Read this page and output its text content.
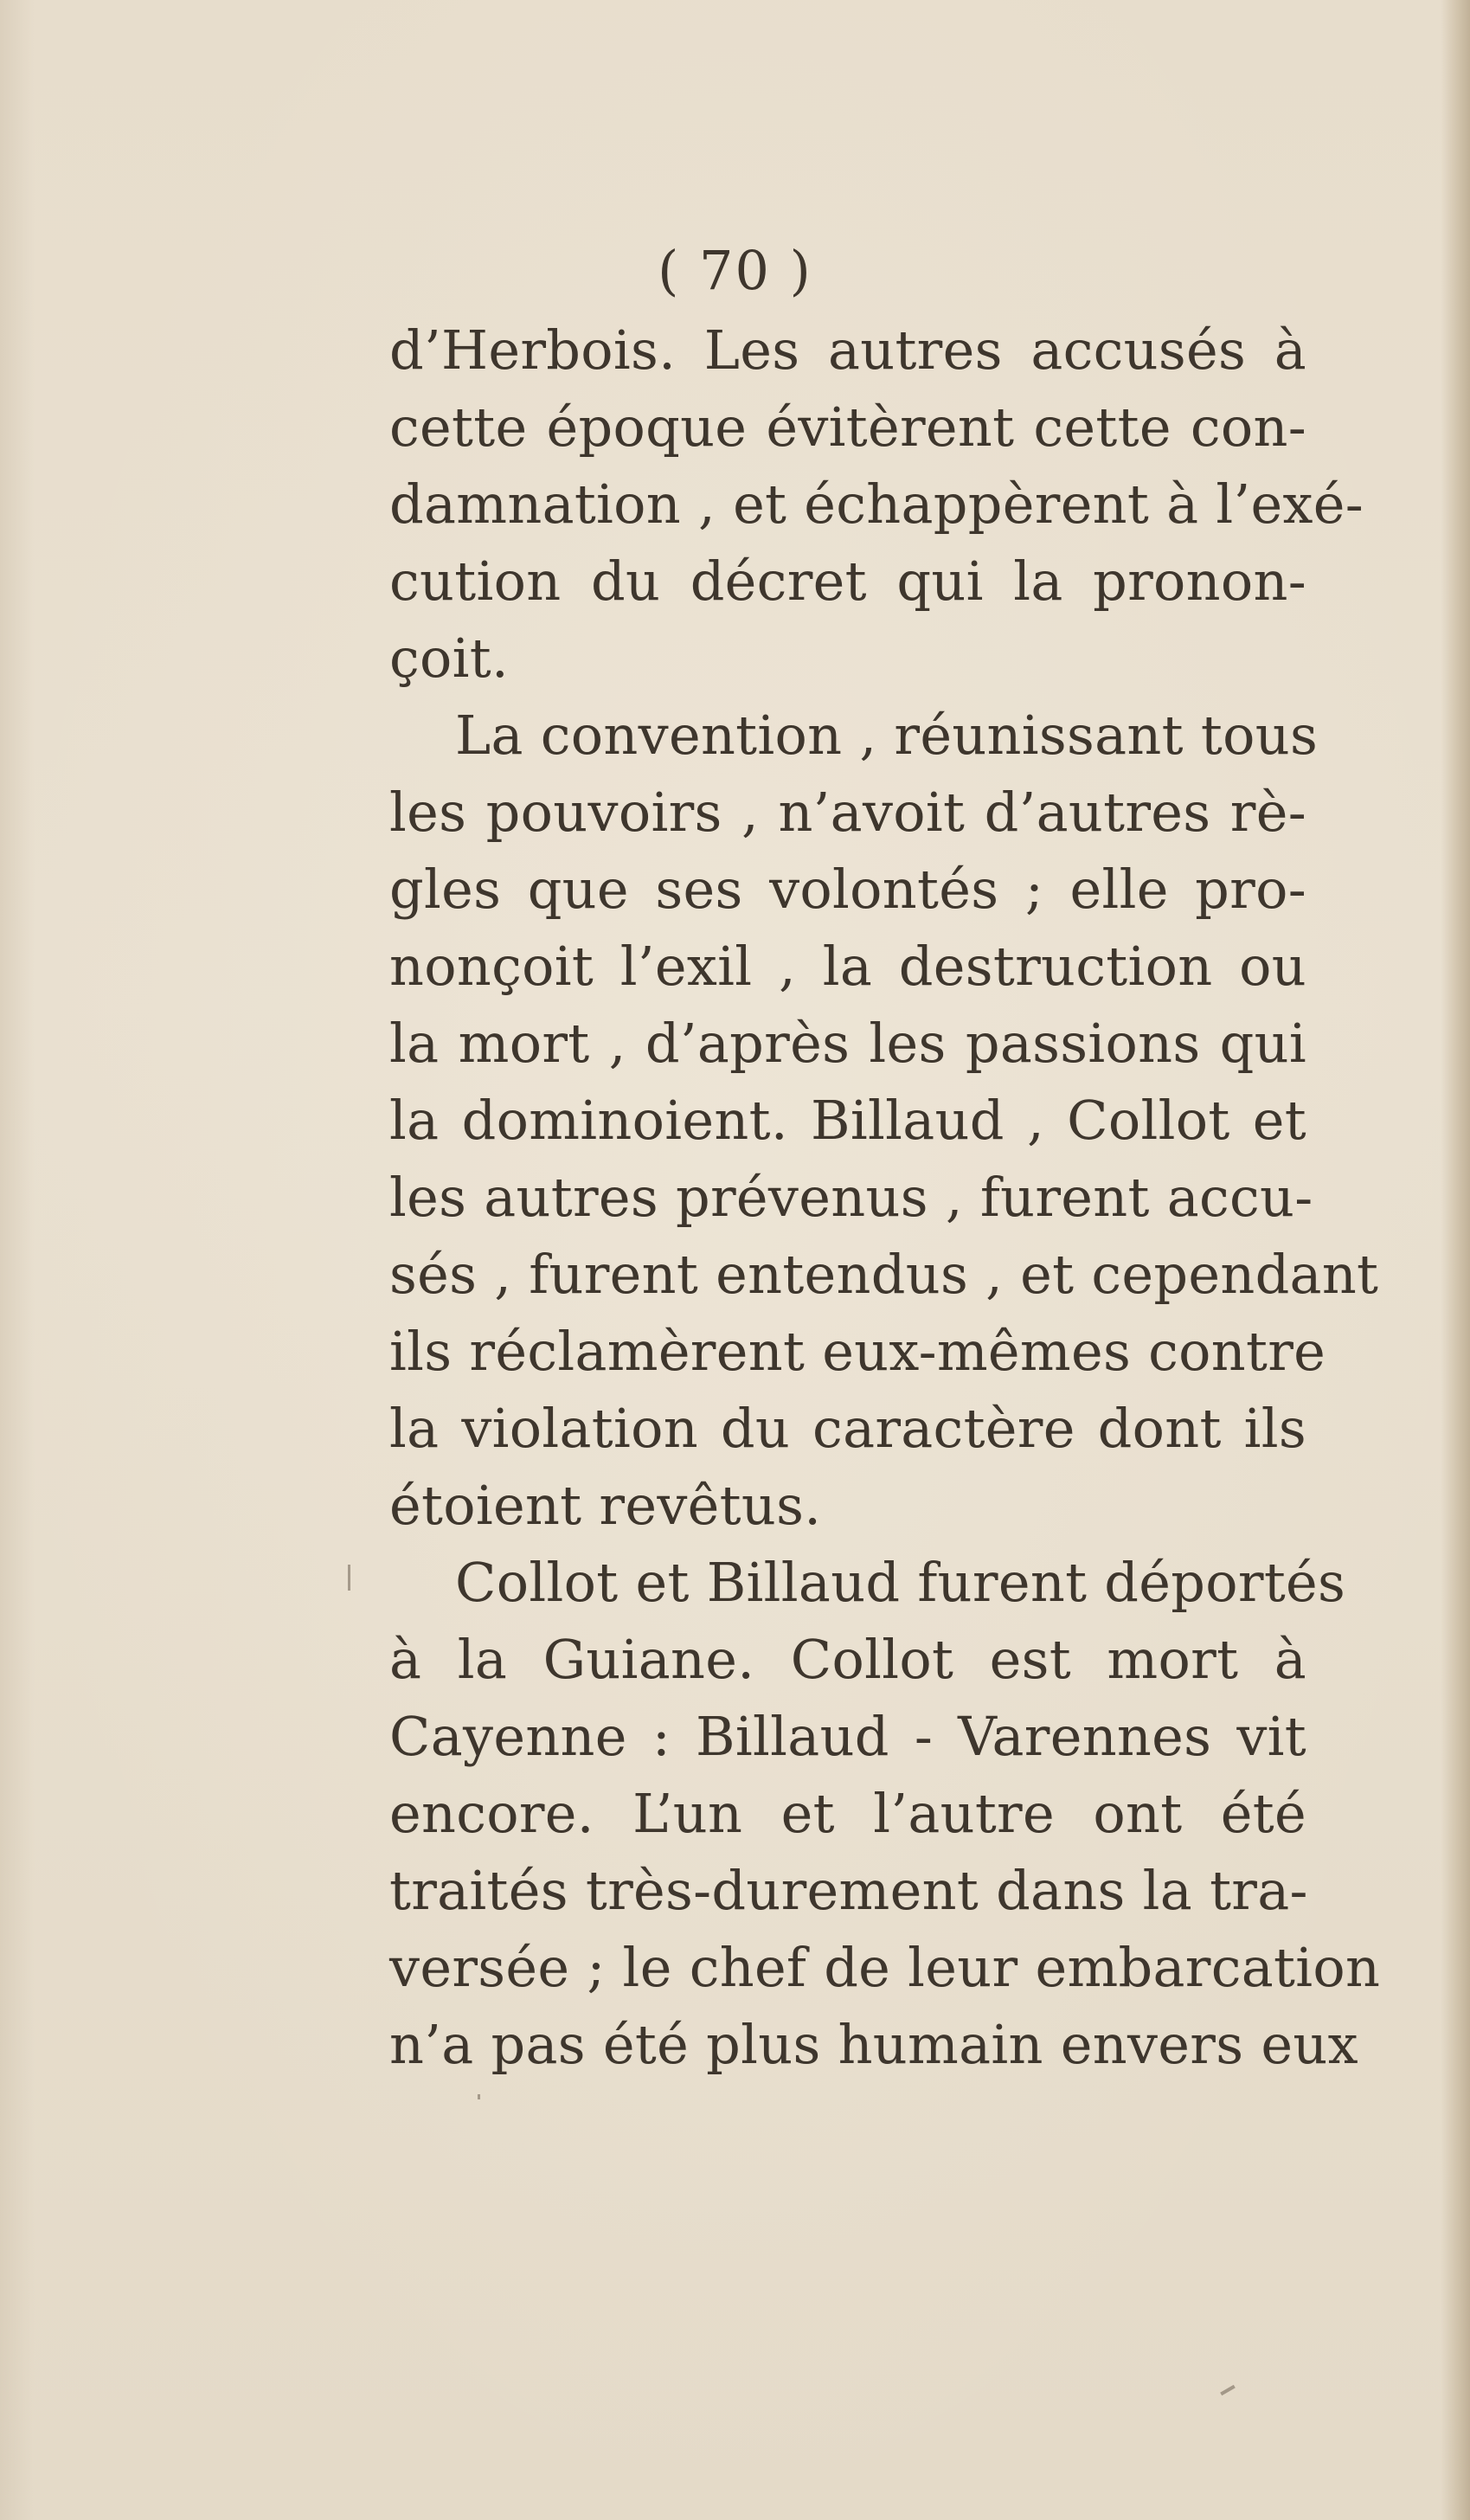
( 70 )
d’Herbois. Les autres accusés à
cette époque évitèrent cette con-
damnation , et échappèrent à l’exé-
cution du décret qui la pronon-
çoit.
La convention , réunissant tous
les pouvoirs , n’avoit d’autres rè-
gles que ses volontés ; elle pro-
nonçoit l’exil , la destruction ou
la mort , d’après les passions qui
la dominoient. Billaud , Collot et
les autres prévenus , furent accu-
sés , furent entendus , et cependant
ils réclamèrent eux-mêmes contre
la violation du caractère dont ils
étoient revêtus.
Collot et Billaud furent déportés
à la Guiane. Collot est mort à
Cayenne : Billaud - Varennes vit
encore. L’un et l’autre ont été
traités très-durement dans la tra-
versée ; le chef de leur embarcation
n’a pas été plus humain envers eux
